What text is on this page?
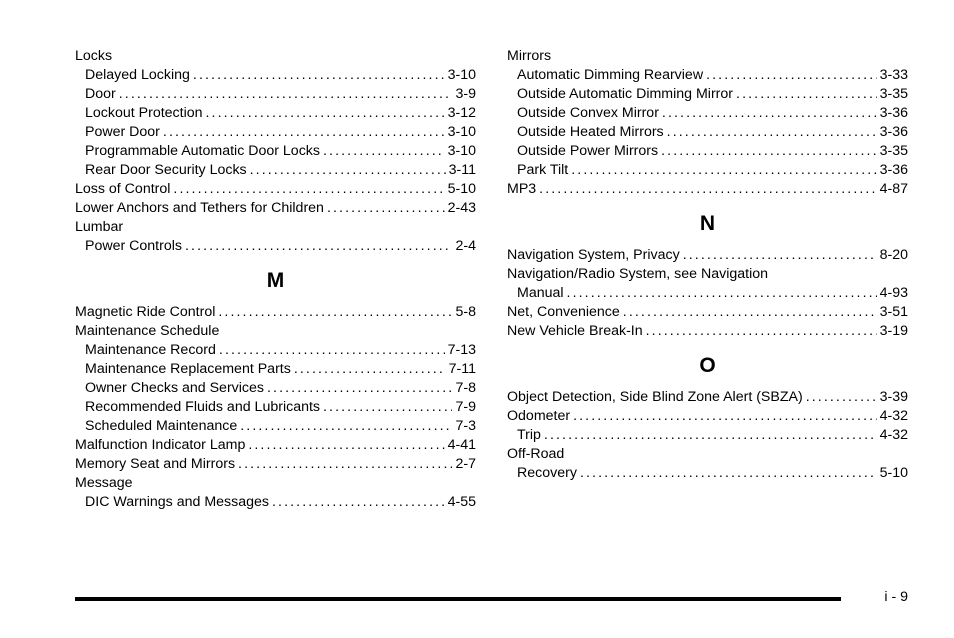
Locks
Delayed Locking .....	3-10
Door .....	3-9
Lockout Protection .....	3-12
Power Door .....	3-10
Programmable Automatic Door Locks .....	3-10
Rear Door Security Locks .....	3-11
Loss of Control .....	5-10
Lower Anchors and Tethers for Children .....	2-43
Lumbar
Power Controls .....	2-4
M
Magnetic Ride Control .....	5-8
Maintenance Schedule
Maintenance Record .....	7-13
Maintenance Replacement Parts .....	7-11
Owner Checks and Services .....	7-8
Recommended Fluids and Lubricants .....	7-9
Scheduled Maintenance .....	7-3
Malfunction Indicator Lamp .....	4-41
Memory Seat and Mirrors .....	2-7
Message
DIC Warnings and Messages .....	4-55
Mirrors
Automatic Dimming Rearview .....	3-33
Outside Automatic Dimming Mirror .....	3-35
Outside Convex Mirror .....	3-36
Outside Heated Mirrors .....	3-36
Outside Power Mirrors .....	3-35
Park Tilt .....	3-36
MP3 .....	4-87
N
Navigation System, Privacy .....	8-20
Navigation/Radio System, see Navigation
Manual .....	4-93
Net, Convenience .....	3-51
New Vehicle Break-In .....	3-19
O
Object Detection, Side Blind Zone Alert (SBZA) .....	3-39
Odometer .....	4-32
Trip .....	4-32
Off-Road
Recovery .....	5-10
i - 9
